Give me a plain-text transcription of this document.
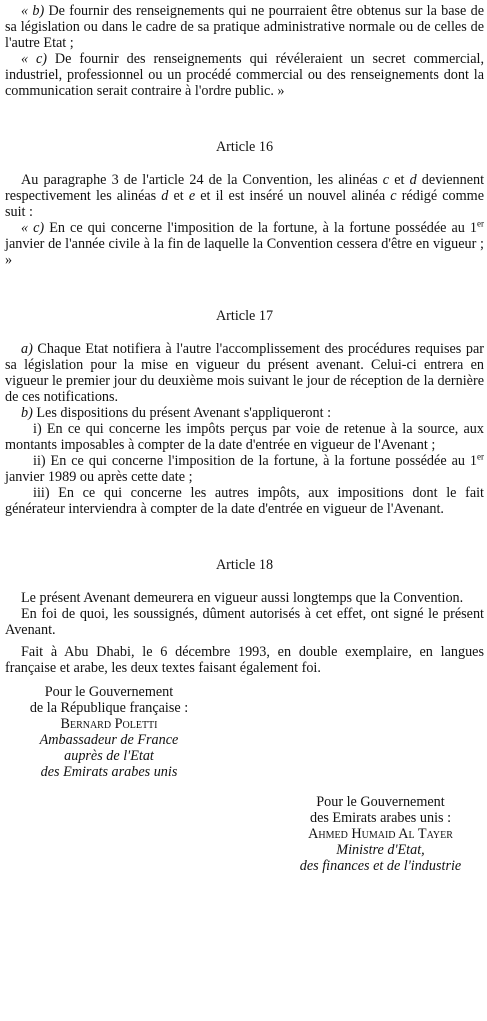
« b) De fournir des renseignements qui ne pourraient être obtenus sur la base de sa législation ou dans le cadre de sa pratique administrative normale ou de celles de l'autre Etat ;

« c) De fournir des renseignements qui révéleraient un secret commercial, industriel, professionnel ou un procédé commercial ou des renseignements dont la communication serait contraire à l'ordre public. »

Article 16

Au paragraphe 3 de l'article 24 de la Convention, les alinéas c et d deviennent respectivement les alinéas d et e et il est inséré un nouvel alinéa c rédigé comme suit :

« c) En ce qui concerne l'imposition de la fortune, à la fortune possédée au 1er janvier de l'année civile à la fin de laquelle la Convention cessera d'être en vigueur ; »

Article 17

a) Chaque Etat notifiera à l'autre l'accomplissement des procédures requises par sa législation pour la mise en vigueur du présent avenant. Celui-ci entrera en vigueur le premier jour du deuxième mois suivant le jour de réception de la dernière de ces notifications.

b) Les dispositions du présent Avenant s'appliqueront :

i) En ce qui concerne les impôts perçus par voie de retenue à la source, aux montants imposables à compter de la date d'entrée en vigueur de l'Avenant ;

ii) En ce qui concerne l'imposition de la fortune, à la fortune possédée au 1er janvier 1989 ou après cette date ;

iii) En ce qui concerne les autres impôts, aux impositions dont le fait générateur interviendra à compter de la date d'entrée en vigueur de l'Avenant.

Article 18

Le présent Avenant demeurera en vigueur aussi longtemps que la Convention.

En foi de quoi, les soussignés, dûment autorisés à cet effet, ont signé le présent Avenant.

Fait à Abu Dhabi, le 6 décembre 1993, en double exemplaire, en langues française et arabe, les deux textes faisant également foi.

Pour le Gouvernement
de la République française :
Bernard Poletti
Ambassadeur de France
auprès de l'Etat
des Emirats arabes unis
Pour le Gouvernement
des Emirats arabes unis :
Ahmed Humaid Al Tayer
Ministre d'Etat,
des finances et de l'industrie
